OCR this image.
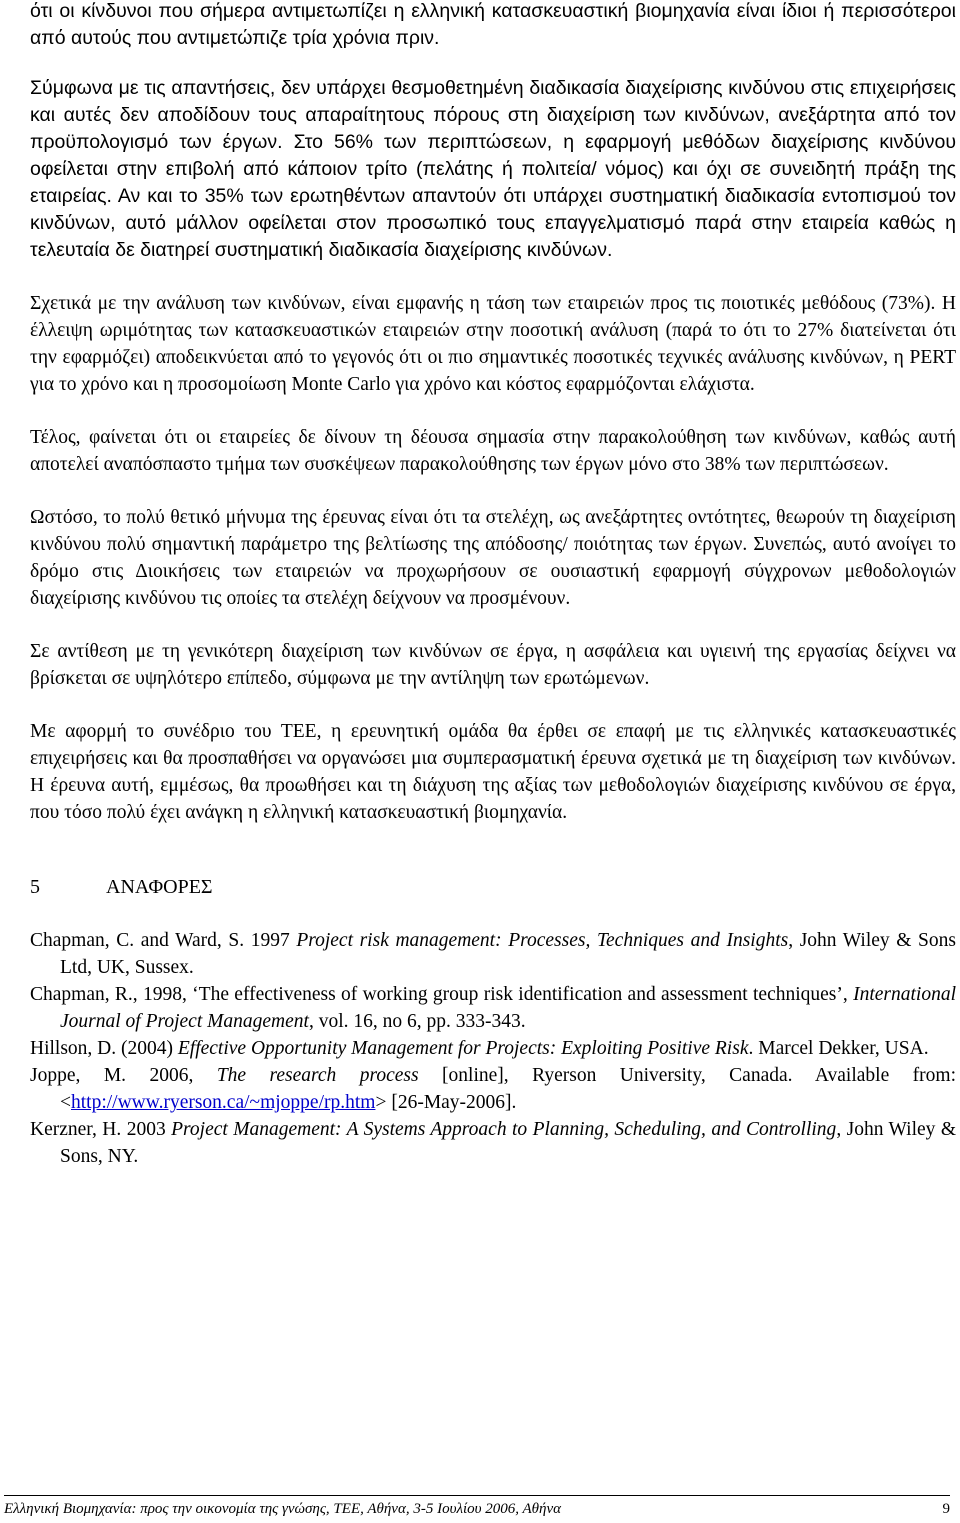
ότι οι κίνδυνοι που σήμερα αντιμετωπίζει η ελληνική κατασκευαστική βιομηχανία είναι ίδιοι ή περισσότεροι από αυτούς που αντιμετώπιζε τρία χρόνια πριν.

Σύμφωνα με τις απαντήσεις, δεν υπάρχει θεσμοθετημένη διαδικασία διαχείρισης κινδύνου στις επιχειρήσεις και αυτές δεν αποδίδουν τους απαραίτητους πόρους στη διαχείριση των κινδύνων, ανεξάρτητα από τον προϋπολογισμό των έργων. Στο 56% των περιπτώσεων, η εφαρμογή μεθόδων διαχείρισης κινδύνου οφείλεται στην επιβολή από κάποιον τρίτο (πελάτης ή πολιτεία/ νόμος) και όχι σε συνειδητή πράξη της εταιρείας. Αν και το 35% των ερωτηθέντων απαντούν ότι υπάρχει συστηματική διαδικασία εντοπισμού τον κινδύνων, αυτό μάλλον οφείλεται στον προσωπικό τους επαγγελματισμό παρά στην εταιρεία καθώς η τελευταία δε διατηρεί συστηματική διαδικασία διαχείρισης κινδύνων.

Σχετικά με την ανάλυση των κινδύνων, είναι εμφανής η τάση των εταιρειών προς τις ποιοτικές μεθόδους (73%). Η έλλειψη ωριμότητας των κατασκευαστικών εταιρειών στην ποσοτική ανάλυση (παρά το ότι το 27% διατείνεται ότι την εφαρμόζει) αποδεικνύεται από το γεγονός ότι οι πιο σημαντικές ποσοτικές τεχνικές ανάλυσης κινδύνων, η PERT για το χρόνο και η προσομοίωση Monte Carlo για χρόνο και κόστος εφαρμόζονται ελάχιστα.

Τέλος, φαίνεται ότι οι εταιρείες δε δίνουν τη δέουσα σημασία στην παρακολούθηση των κινδύνων, καθώς αυτή αποτελεί αναπόσπαστο τμήμα των συσκέψεων παρακολούθησης των έργων μόνο στο 38% των περιπτώσεων.

Ωστόσο, το πολύ θετικό μήνυμα της έρευνας είναι ότι τα στελέχη, ως ανεξάρτητες οντότητες, θεωρούν τη διαχείριση κινδύνου πολύ σημαντική παράμετρο της βελτίωσης της απόδοσης/ ποιότητας των έργων. Συνεπώς, αυτό ανοίγει το δρόμο στις Διοικήσεις των εταιρειών να προχωρήσουν σε ουσιαστική εφαρμογή σύγχρονων μεθοδολογιών διαχείρισης κινδύνου τις οποίες τα στελέχη δείχνουν να προσμένουν.

Σε αντίθεση με τη γενικότερη διαχείριση των κινδύνων σε έργα, η ασφάλεια και υγιεινή της εργασίας δείχνει να βρίσκεται σε υψηλότερο επίπεδο, σύμφωνα με την αντίληψη των ερωτώμενων.

Με αφορμή το συνέδριο του ΤΕΕ, η ερευνητική ομάδα θα έρθει σε επαφή με τις ελληνικές κατασκευαστικές επιχειρήσεις και θα προσπαθήσει να οργανώσει μια συμπερασματική έρευνα σχετικά με τη διαχείριση των κινδύνων. Η έρευνα αυτή, εμμέσως, θα προωθήσει και τη διάχυση της αξίας των μεθοδολογιών διαχείρισης κινδύνου σε έργα, που τόσο πολύ έχει ανάγκη η ελληνική κατασκευαστική βιομηχανία.

5	ΑΝΑΦΟΡΕΣ
Chapman, C. and Ward, S. 1997 Project risk management: Processes, Techniques and Insights, John Wiley & Sons Ltd, UK, Sussex.
Chapman, R., 1998, ‘The effectiveness of working group risk identification and assessment techniques’, International Journal of Project Management, vol. 16, no 6, pp. 333-343.
Hillson, D. (2004) Effective Opportunity Management for Projects: Exploiting Positive Risk. Marcel Dekker, USA.
Joppe, M. 2006, The research process [online], Ryerson University, Canada. Available from: <http://www.ryerson.ca/~mjoppe/rp.htm> [26-May-2006].
Kerzner, H. 2003 Project Management: A Systems Approach to Planning, Scheduling, and Controlling, John Wiley & Sons, NY.
Ελληνική Βιομηχανία: προς την οικονομία της γνώσης, ΤΕΕ, Αθήνα, 3-5 Ιουλίου 2006, Αθήνα	9
